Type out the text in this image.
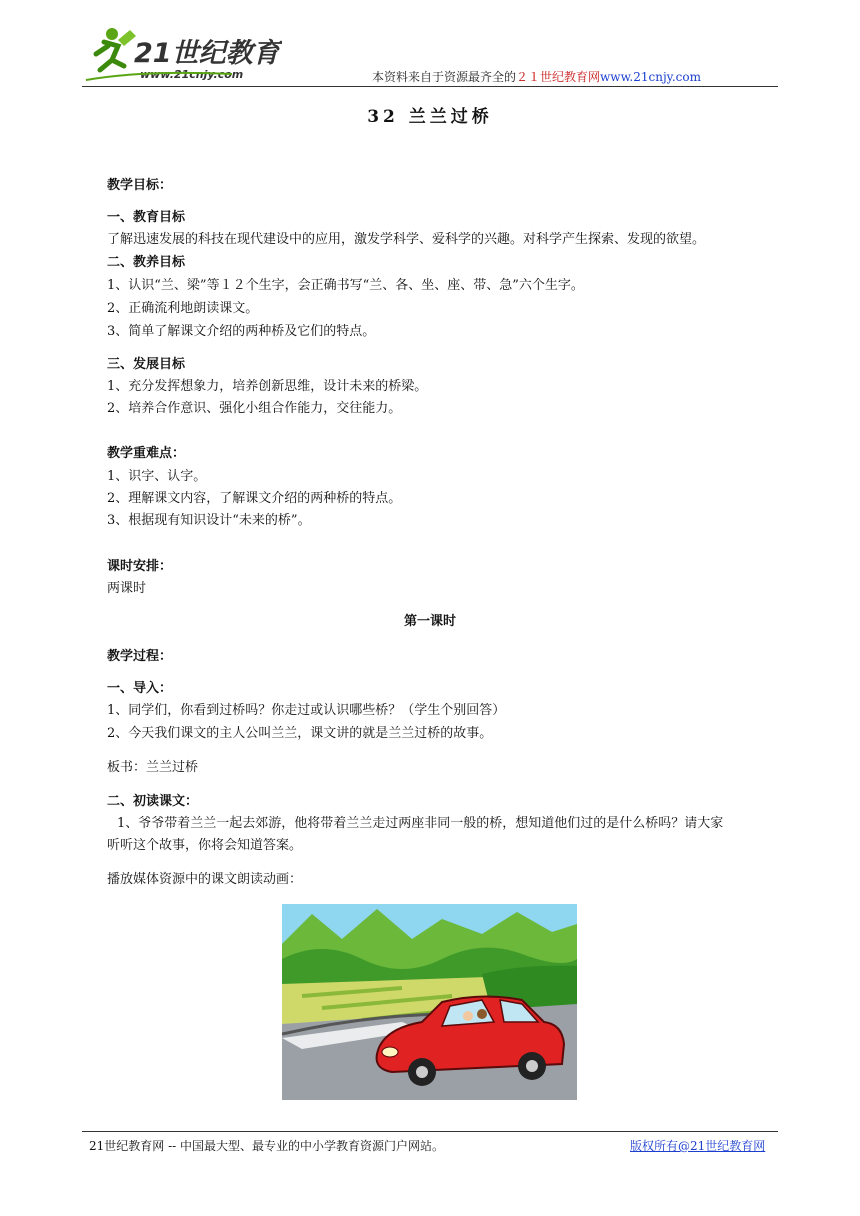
21世纪教育
www.21cnjy.com	本资料来自于资源最齐全的２１世纪教育网www.21cnjy.com
32 兰兰过桥
教学目标：
一、教育目标
了解迅速发展的科技在现代建设中的应用，激发学科学、爱科学的兴趣。对科学产生探索、发现的欲望。
二、教养目标
1、认识“兰、梁”等１２个生字，会正确书写“兰、各、坐、座、带、急”六个生字。
2、正确流利地朗读课文。
3、简单了解课文介绍的两种桥及它们的特点。
三、发展目标
1、充分发挥想象力，培养创新思维，设计未来的桥梁。
2、培养合作意识、强化小组合作能力，交往能力。
教学重难点：
1、识字、认字。
2、理解课文内容，了解课文介绍的两种桥的特点。
3、根据现有知识设计“未来的桥”。
课时安排：
两课时
第一课时
教学过程：
一、导入：
1、同学们，你看到过桥吗？你走过或认识哪些桥？（学生个别回答）
2、今天我们课文的主人公叫兰兰，课文讲的就是兰兰过桥的故事。
板书：兰兰过桥
二、初读课文：
1、爷爷带着兰兰一起去郊游，他将带着兰兰走过两座非同一般的桥，想知道他们过的是什么桥吗？请大家
听听这个故事，你将会知道答案。
播放媒体资源中的课文朗读动画：
21世纪教育网 -- 中国最大型、最专业的中小学教育资源门户网站。	版权所有@21世纪教育网
